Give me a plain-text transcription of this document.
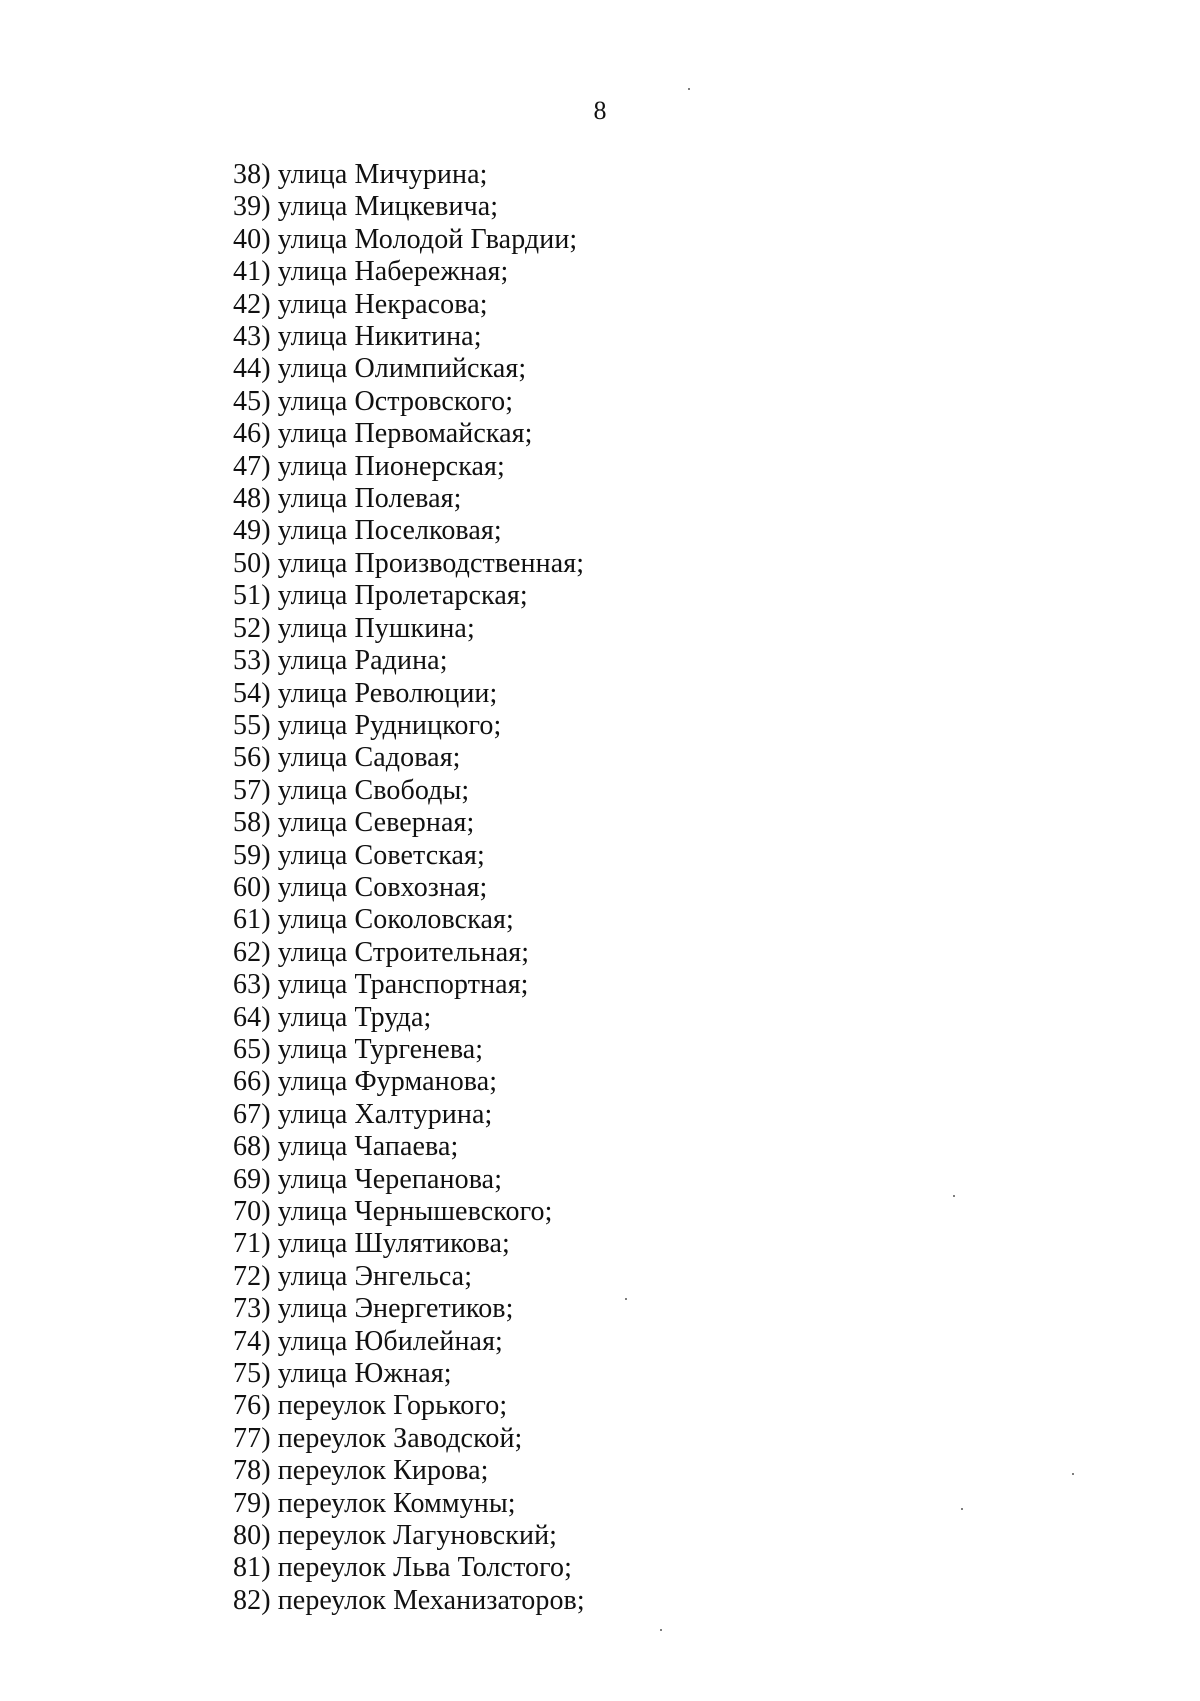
8
38) улица Мичурина;
39) улица Мицкевича;
40) улица Молодой Гвардии;
41) улица Набережная;
42) улица Некрасова;
43) улица Никитина;
44) улица Олимпийская;
45) улица Островского;
46) улица Первомайская;
47) улица Пионерская;
48) улица Полевая;
49) улица Поселковая;
50) улица Производственная;
51) улица Пролетарская;
52) улица Пушкина;
53) улица Радина;
54) улица Революции;
55) улица Рудницкого;
56) улица Садовая;
57) улица Свободы;
58) улица Северная;
59) улица Советская;
60) улица Совхозная;
61) улица Соколовская;
62) улица Строительная;
63) улица Транспортная;
64) улица Труда;
65) улица Тургенева;
66) улица Фурманова;
67) улица Халтурина;
68) улица Чапаева;
69) улица Черепанова;
70) улица Чернышевского;
71) улица Шулятикова;
72) улица Энгельса;
73) улица Энергетиков;
74) улица Юбилейная;
75) улица Южная;
76) переулок Горького;
77) переулок Заводской;
78) переулок Кирова;
79) переулок Коммуны;
80) переулок Лагуновский;
81) переулок Льва Толстого;
82) переулок Механизаторов;
